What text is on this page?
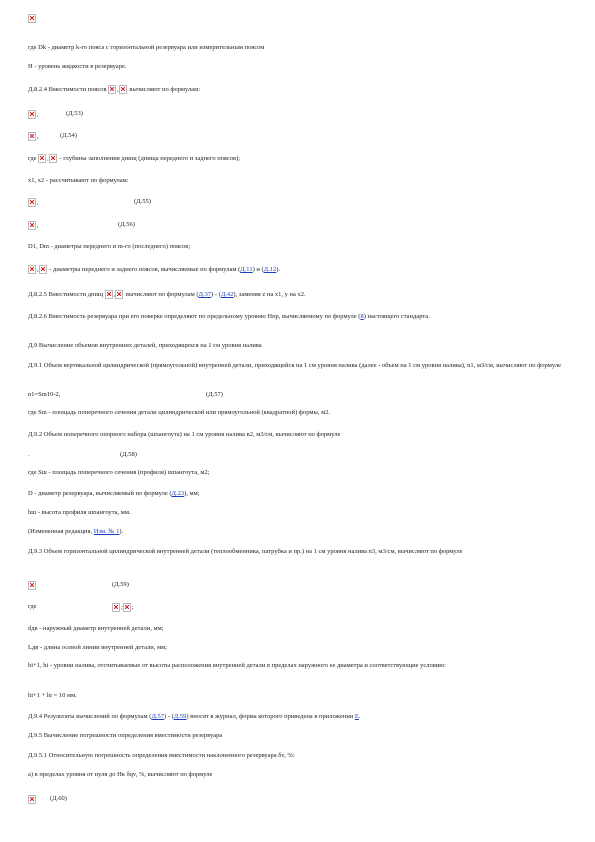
где Dk - диаметр k-го пояса с горизонтальной резервуара или измерительным поясом
H - уровень жидкости в резервуаре.
Д.8.2.4 Вместимости поясов	вычисляют по формулам:
,	(Д.53)
,	(Д.54)
где	- глубины заполнения днищ (днища переднего и заднего поясов);
x1, x2 - рассчитывают по формулам:
,	(Д.55)
,	(Д.56)
D1, Dm - диаметры переднего и m-го (последнего) поясов;
- диаметры переднего и заднего поясов, вычисляемые по формулам (Д.11) и (Д.12).
Д.8.2.5 Вместимости днищ	вычисляют по формулам (Д.37) - (Д.42), заменяя z на x1, y на x2.
Д.8.2.6 Вместимость резервуара при его поверке определяют по предельному уровню Hпр, вычисляемому по формуле (8) настоящего стандарта.
Д.9 Вычисление объемов внутренних деталей, приходящихся на 1 см уровня налива
Д.9.1 Объем вертикальной цилиндрической (прямоугольной) внутренней детали, приходящейся на 1 см уровня налива (далее - объем на 1 см уровня налива), n1, м3/см, вычисляют по формуле
n1=Sm10-2,	(Д.57)
где Sm - площадь поперечного сечения детали цилиндрической или прямоугольной (квадратной) формы, м2.
Д.9.2 Объем поперечного опорного набора (шпангоута) на 1 см уровня налива n2, м3/см, вычисляют по формуле
.	(Д.58)
где Sш - площадь поперечного сечения (профиля) шпангоута, м2;
D - диаметр резервуара, вычисляемый по формуле (Д.23), мм;
hш - высота профиля шпангоута, мм.
(Измененная редакция, Изм. № 1).
Д.9.3 Объем горизонтальной цилиндрической внутренней детали (теплообменника, патрубка и пр.) на 1 см уровня налива n3, м3/см, вычисляют по формуле
(Д.59)
где	;
dдв - наружный диаметр внутренней детали, мм;
Lдв - длина осевой линии внутренней детали, мм;
hi+1, hi - уровни налива, отсчитываемые от высоты расположения внутренней детали в пределах наружного ее диаметра и соответствующие условию:
hi+1 + hi = 10 мм.
Д.9.4 Результаты вычислений по формулам (Д.57) - (Д.59) вносят в журнал, форма которого приведена в приложении Е.
Д.9.5 Вычисление погрешности определения вместимости резервуара
Д.9.5.1 Относительную погрешность определения вместимости наклоненного резервуара δv, %:
а) в пределах уровня от нуля до Hк δqv, %, вычисляют по формуле
(Д.60)
